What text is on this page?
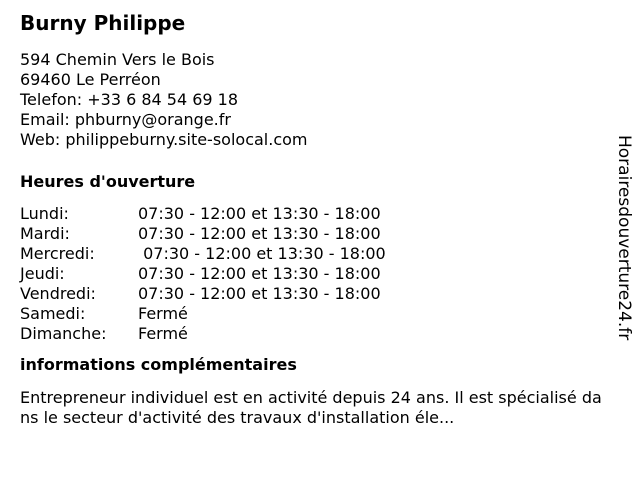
Burny Philippe
594 Chemin Vers le Bois
69460 Le Perréon
Telefon: +33 6 84 54 69 18
Email: phburny@orange.fr
Web: philippeburny.site-solocal.com
Heures d'ouverture
Lundi:	07:30 - 12:00 et 13:30 - 18:00
Mardi:	07:30 - 12:00 et 13:30 - 18:00
Mercredi:	07:30 - 12:00 et 13:30 - 18:00
Jeudi:	07:30 - 12:00 et 13:30 - 18:00
Vendredi:	07:30 - 12:00 et 13:30 - 18:00
Samedi:	Fermé
Dimanche:	Fermé
informations complémentaires
Entrepreneur individuel est en activité depuis 24 ans. Il est spécialisé dans le secteur d'activité des travaux d'installation éle...
Horairesdouverture24.fr
